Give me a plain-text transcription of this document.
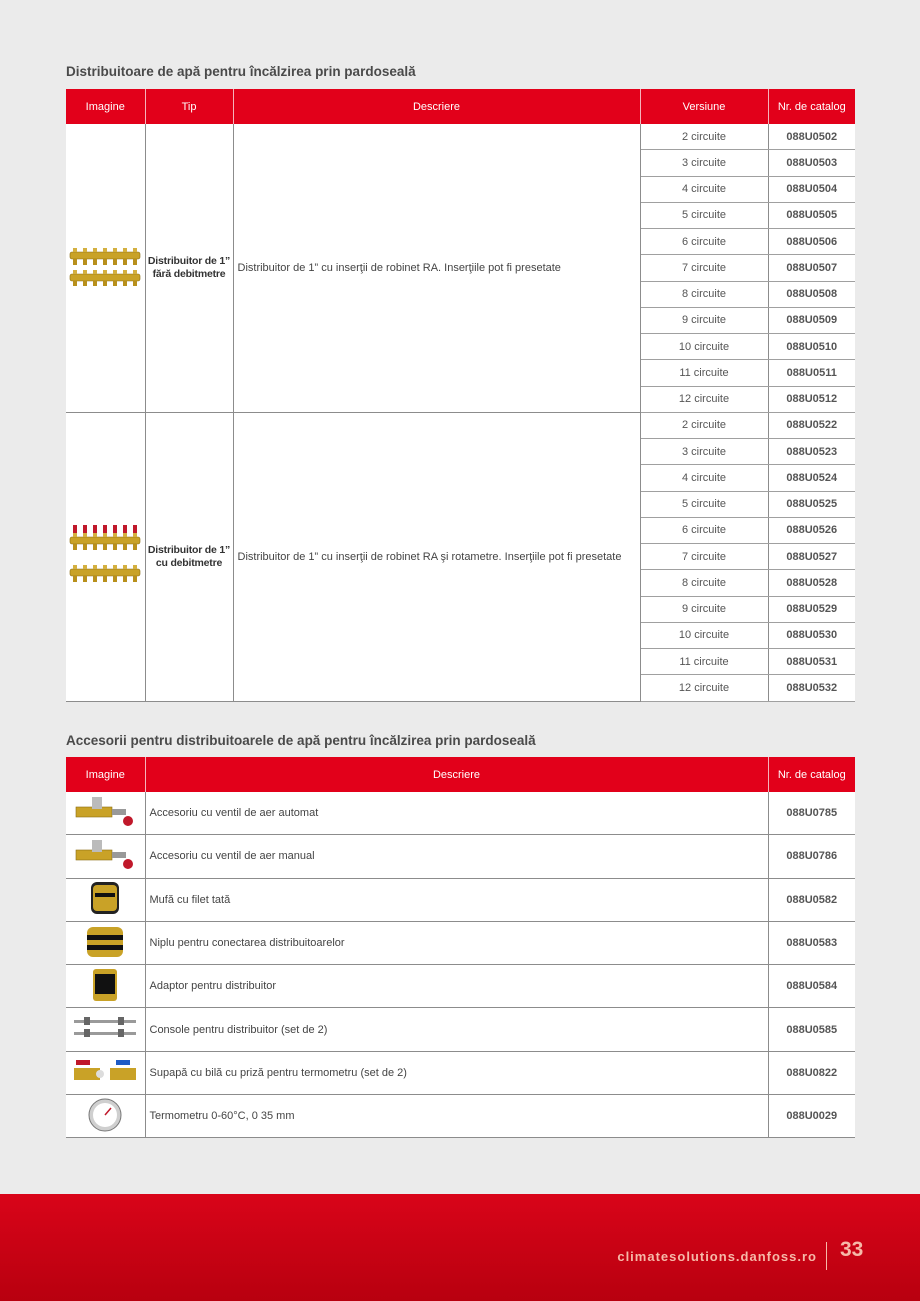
Distribuitoare de apă pentru încălzirea prin pardoseală
Imagine	Tip	Descriere	Versiune	Nr. de catalog
	Distribuitor de 1”
fără debitmetre	Distribuitor de 1” cu inserţii de robinet RA. Inserţiile pot fi presetate	2 circuite	088U0502
			3 circuite	088U0503
			4 circuite	088U0504
			5 circuite	088U0505
			6 circuite	088U0506
			7 circuite	088U0507
			8 circuite	088U0508
			9 circuite	088U0509
			10 circuite	088U0510
			11 circuite	088U0511
			12 circuite	088U0512
	Distribuitor de 1”
cu debitmetre	Distribuitor de 1” cu inserţii de robinet RA şi rotametre. Inserţiile pot fi presetate	2 circuite	088U0522
			3 circuite	088U0523
			4 circuite	088U0524
			5 circuite	088U0525
			6 circuite	088U0526
			7 circuite	088U0527
			8 circuite	088U0528
			9 circuite	088U0529
			10 circuite	088U0530
			11 circuite	088U0531
			12 circuite	088U0532
Accesorii pentru distribuitoarele de apă pentru încălzirea prin pardoseală
Imagine	Descriere	Nr. de catalog
	Accesoriu cu ventil de aer automat	088U0785
	Accesoriu cu ventil de aer manual	088U0786
	Mufă cu filet tată	088U0582
	Niplu pentru conectarea distribuitoarelor	088U0583
	Adaptor pentru distribuitor	088U0584
	Console pentru distribuitor (set de 2)	088U0585
	Supapă cu bilă cu priză pentru termometru (set de 2)	088U0822
	Termometru 0-60°C, 0 35 mm	088U0029
climatesolutions.danfoss.ro 33
